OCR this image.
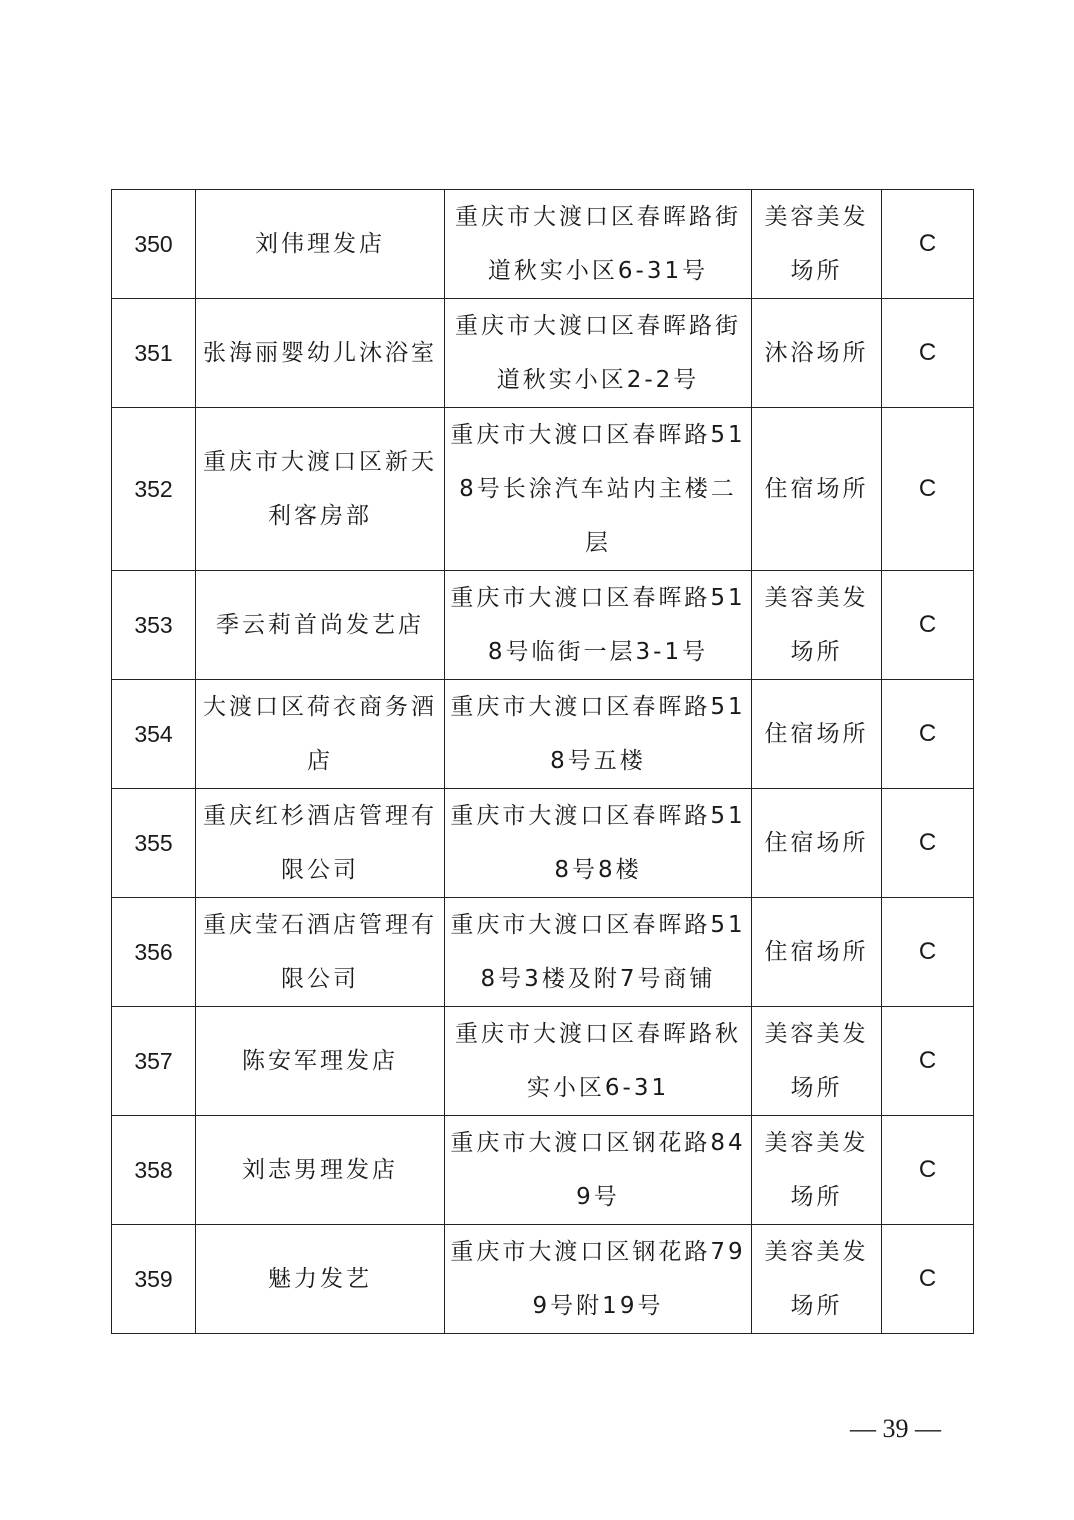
350	刘伟理发店	重庆市大渡口区春晖路街道秋实小区6-31号	美容美发场所	C
351	张海丽婴幼儿沐浴室	重庆市大渡口区春晖路街道秋实小区2-2号	沐浴场所	C
352	重庆市大渡口区新天利客房部	重庆市大渡口区春晖路518号长涂汽车站内主楼二层	住宿场所	C
353	季云莉首尚发艺店	重庆市大渡口区春晖路518号临街一层3-1号	美容美发场所	C
354	大渡口区荷衣商务酒店	重庆市大渡口区春晖路518号五楼	住宿场所	C
355	重庆红杉酒店管理有限公司	重庆市大渡口区春晖路518号8楼	住宿场所	C
356	重庆莹石酒店管理有限公司	重庆市大渡口区春晖路518号3楼及附7号商铺	住宿场所	C
357	陈安军理发店	重庆市大渡口区春晖路秋实小区6-31	美容美发场所	C
358	刘志男理发店	重庆市大渡口区钢花路849号	美容美发场所	C
359	魅力发艺	重庆市大渡口区钢花路799号附19号	美容美发场所	C
— 39 —
